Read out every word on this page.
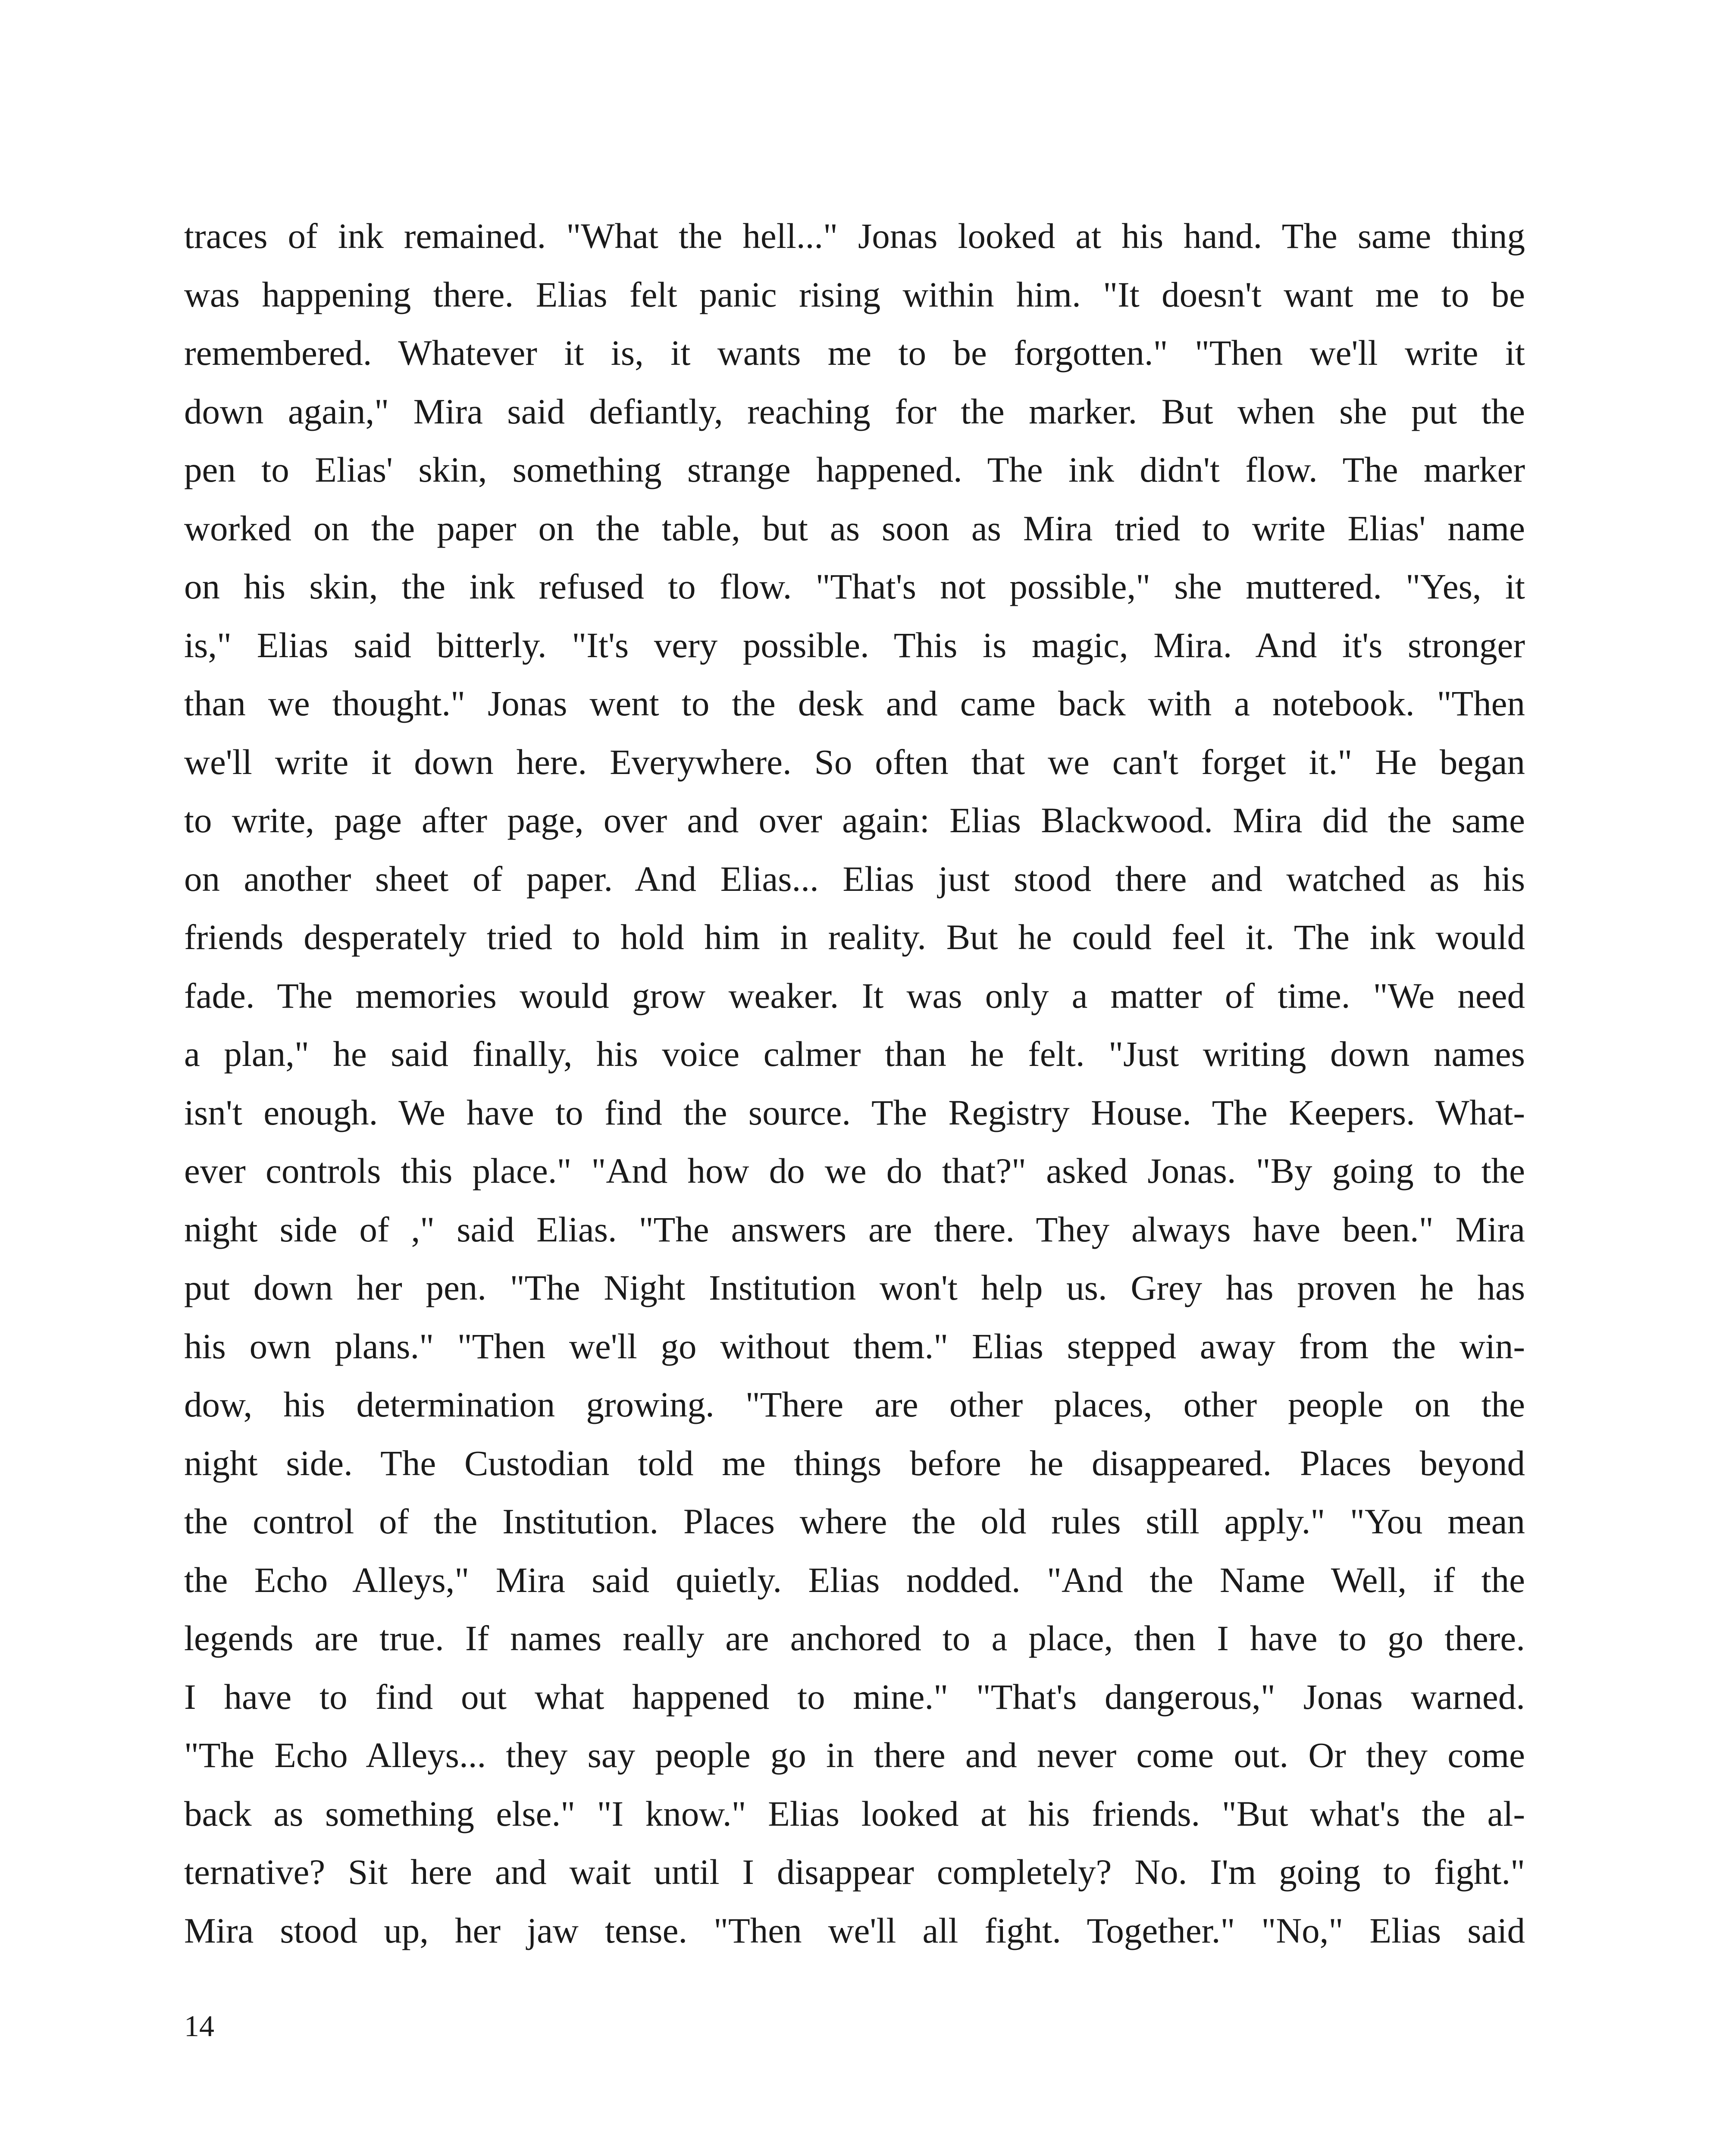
traces of ink remained. "What the hell..." Jonas looked at his hand. The same thing
was happening there. Elias felt panic rising within him. "It doesn't want me to be
remembered. Whatever it is, it wants me to be forgotten." "Then we'll write it
down again," Mira said defiantly, reaching for the marker. But when she put the
pen to Elias' skin, something strange happened. The ink didn't flow. The marker
worked on the paper on the table, but as soon as Mira tried to write Elias' name
on his skin, the ink refused to flow. "That's not possible," she muttered. "Yes, it
is," Elias said bitterly. "It's very possible. This is magic, Mira. And it's stronger
than we thought." Jonas went to the desk and came back with a notebook. "Then
we'll write it down here. Everywhere. So often that we can't forget it." He began
to write, page after page, over and over again: Elias Blackwood. Mira did the same
on another sheet of paper. And Elias... Elias just stood there and watched as his
friends desperately tried to hold him in reality. But he could feel it. The ink would
fade. The memories would grow weaker. It was only a matter of time. "We need
a plan," he said finally, his voice calmer than he felt. "Just writing down names
isn't enough. We have to find the source. The Registry House. The Keepers. What-
ever controls this place." "And how do we do that?" asked Jonas. "By going to the
night side of ," said Elias. "The answers are there. They always have been." Mira
put down her pen. "The Night Institution won't help us. Grey has proven he has
his own plans." "Then we'll go without them." Elias stepped away from the win-
dow, his determination growing. "There are other places, other people on the
night side. The Custodian told me things before he disappeared. Places beyond
the control of the Institution. Places where the old rules still apply." "You mean
the Echo Alleys," Mira said quietly. Elias nodded. "And the Name Well, if the
legends are true. If names really are anchored to a place, then I have to go there.
I have to find out what happened to mine." "That's dangerous," Jonas warned.
"The Echo Alleys... they say people go in there and never come out. Or they come
back as something else." "I know." Elias looked at his friends. "But what's the al-
ternative? Sit here and wait until I disappear completely? No. I'm going to fight."
Mira stood up, her jaw tense. "Then we'll all fight. Together." "No," Elias said
14
